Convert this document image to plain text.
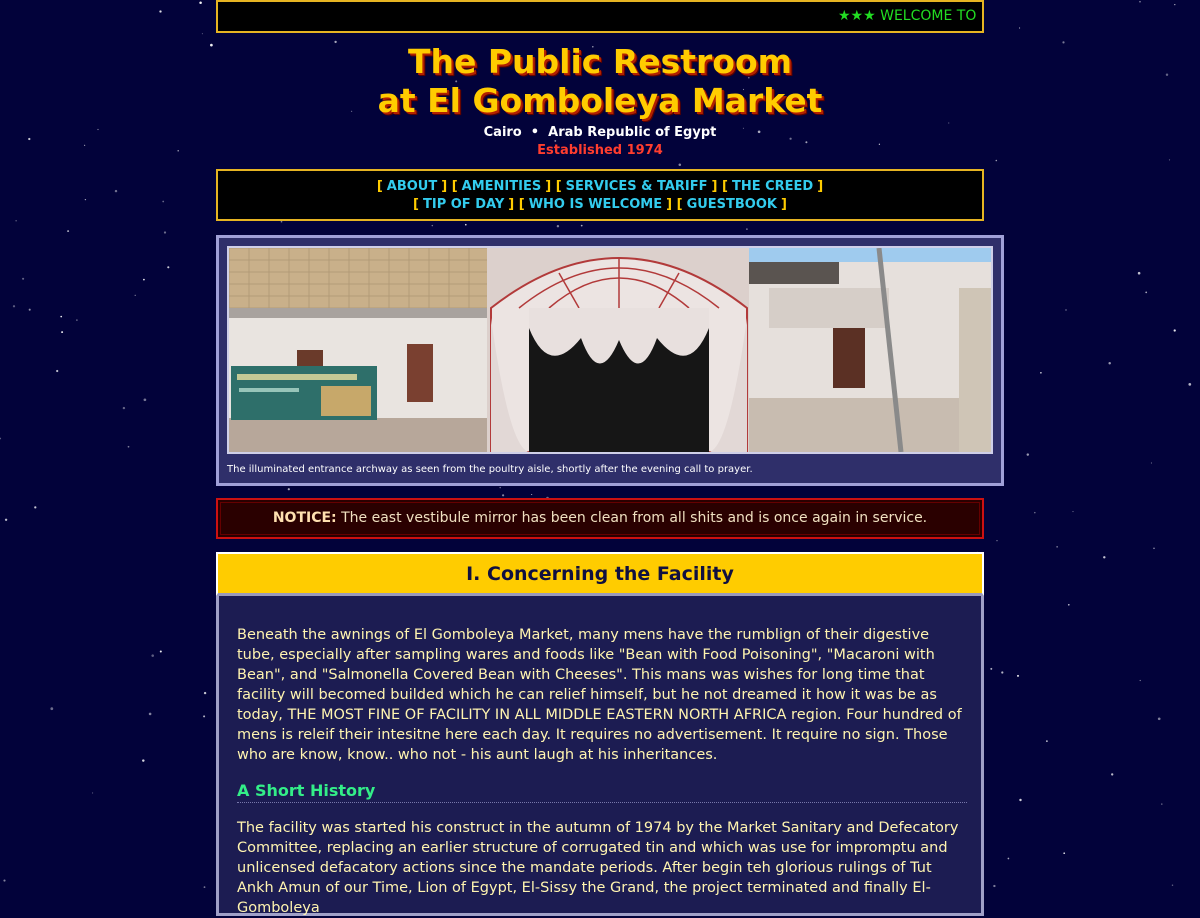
★★★ WELCOME TO
The Public Restroom
at El Gomboleya Market
Cairo  •  Arab Republic of Egypt
Established 1974
[ ABOUT ] [ AMENITIES ] [ SERVICES & TARIFF ] [ THE CREED ]
[ TIP OF DAY ] [ WHO IS WELCOME ] [ GUESTBOOK ]
The illuminated entrance archway as seen from the poultry aisle, shortly after the evening call to prayer.
NOTICE: The east vestibule mirror has been clean from all shits and is once again in service.
I. Concerning the Facility

Beneath the awnings of El Gomboleya Market, many mens have the rumblign of their digestive tube, especially after sampling wares and foods like "Bean with Food Poisoning", "Macaroni with Bean", and "Salmonella Covered Bean with Cheeses". This mans was wishes for long time that facility will becomed builded which he can relief himself, but he not dreamed it how it was be as today, THE MOST FINE OF FACILITY IN ALL MIDDLE EASTERN NORTH AFRICA region. Four hundred of mens is releif their intesitne here each day. It requires no advertisement. It require no sign. Those who are know, know.. who not - his aunt laugh at his inheritances.

A Short History

The facility was started his construct in the autumn of 1974 by the Market Sanitary and Defecatory Committee, replacing an earlier structure of corrugated tin and which was use for impromptu and unlicensed defacatory actions since the mandate periods. After begin teh glorious rulings of Tut Ankh Amun of our Time, Lion of Egypt, El-Sissy the Grand, the project terminated and finally El-Gomboleya
